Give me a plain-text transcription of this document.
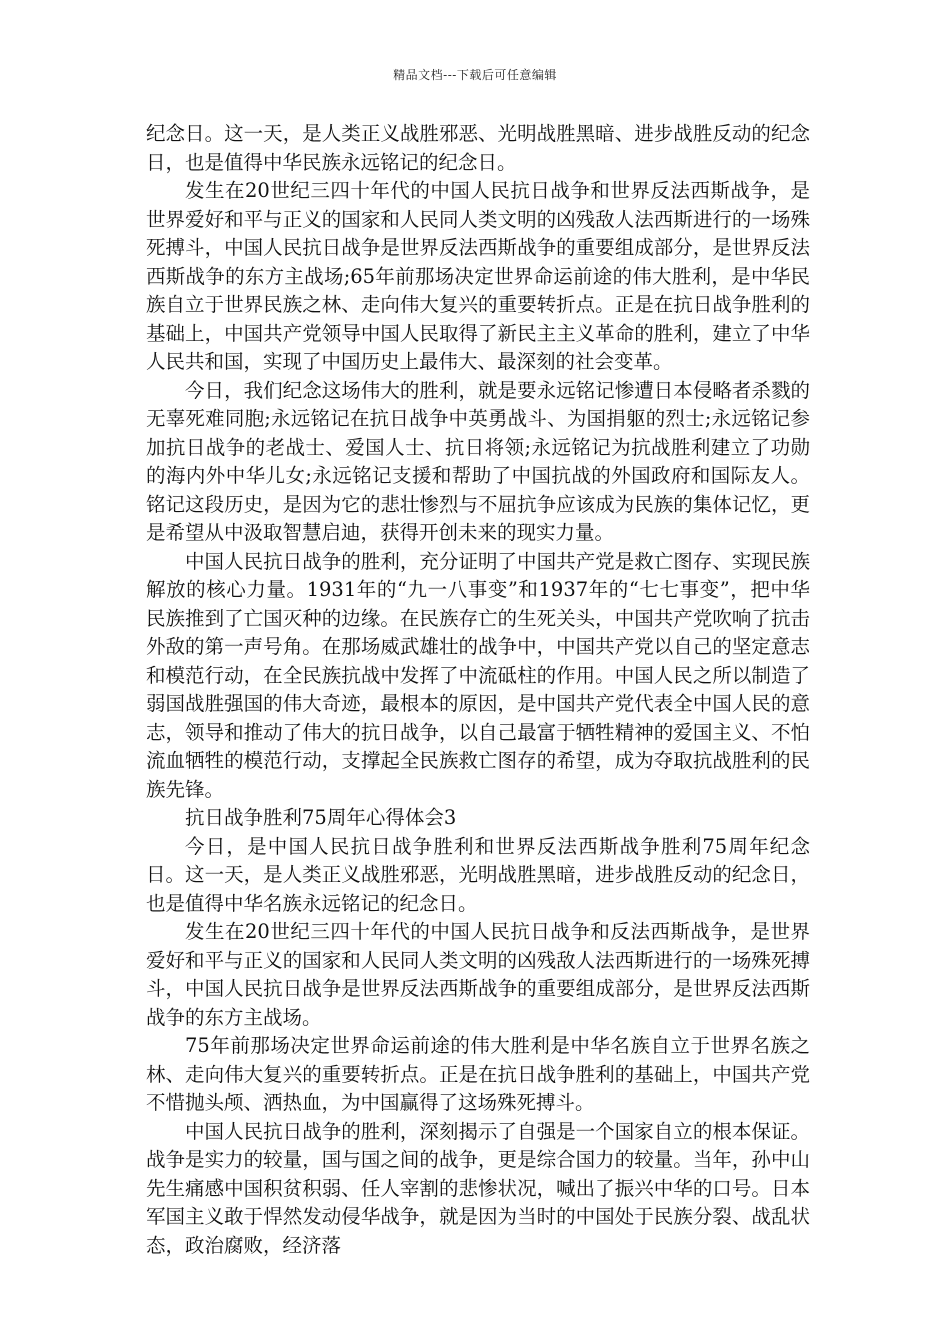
精品文档---下载后可任意编辑

纪念日。这一天，是人类正义战胜邪恶、光明战胜黑暗、进步战胜反动的纪念日，也是值得中华民族永远铭记的纪念日。

发生在20世纪三四十年代的中国人民抗日战争和世界反法西斯战争，是世界爱好和平与正义的国家和人民同人类文明的凶残敌人法西斯进行的一场殊死搏斗，中国人民抗日战争是世界反法西斯战争的重要组成部分，是世界反法西斯战争的东方主战场;65年前那场决定世界命运前途的伟大胜利，是中华民族自立于世界民族之林、走向伟大复兴的重要转折点。正是在抗日战争胜利的基础上，中国共产党领导中国人民取得了新民主主义革命的胜利，建立了中华人民共和国，实现了中国历史上最伟大、最深刻的社会变革。

今日，我们纪念这场伟大的胜利，就是要永远铭记惨遭日本侵略者杀戮的无辜死难同胞;永远铭记在抗日战争中英勇战斗、为国捐躯的烈士;永远铭记参加抗日战争的老战士、爱国人士、抗日将领;永远铭记为抗战胜利建立了功勋的海内外中华儿女;永远铭记支援和帮助了中国抗战的外国政府和国际友人。铭记这段历史，是因为它的悲壮惨烈与不屈抗争应该成为民族的集体记忆，更是希望从中汲取智慧启迪，获得开创未来的现实力量。

中国人民抗日战争的胜利，充分证明了中国共产党是救亡图存、实现民族解放的核心力量。1931年的“九一八事变”和1937年的“七七事变”，把中华民族推到了亡国灭种的边缘。在民族存亡的生死关头，中国共产党吹响了抗击外敌的第一声号角。在那场威武雄壮的战争中，中国共产党以自己的坚定意志和模范行动，在全民族抗战中发挥了中流砥柱的作用。中国人民之所以制造了弱国战胜强国的伟大奇迹，最根本的原因，是中国共产党代表全中国人民的意志，领导和推动了伟大的抗日战争，以自己最富于牺牲精神的爱国主义、不怕流血牺牲的模范行动，支撑起全民族救亡图存的希望，成为夺取抗战胜利的民族先锋。

抗日战争胜利75周年心得体会3

今日，是中国人民抗日战争胜利和世界反法西斯战争胜利75周年纪念日。这一天，是人类正义战胜邪恶，光明战胜黑暗，进步战胜反动的纪念日，也是值得中华名族永远铭记的纪念日。

发生在20世纪三四十年代的中国人民抗日战争和反法西斯战争，是世界爱好和平与正义的国家和人民同人类文明的凶残敌人法西斯进行的一场殊死搏斗，中国人民抗日战争是世界反法西斯战争的重要组成部分，是世界反法西斯战争的东方主战场。

75年前那场决定世界命运前途的伟大胜利是中华名族自立于世界名族之林、走向伟大复兴的重要转折点。正是在抗日战争胜利的基础上，中国共产党不惜抛头颅、洒热血，为中国赢得了这场殊死搏斗。

中国人民抗日战争的胜利，深刻揭示了自强是一个国家自立的根本保证。战争是实力的较量，国与国之间的战争，更是综合国力的较量。当年，孙中山先生痛感中国积贫积弱、任人宰割的悲惨状况，喊出了振兴中华的口号。日本军国主义敢于悍然发动侵华战争，就是因为当时的中国处于民族分裂、战乱状态，政治腐败，经济落
